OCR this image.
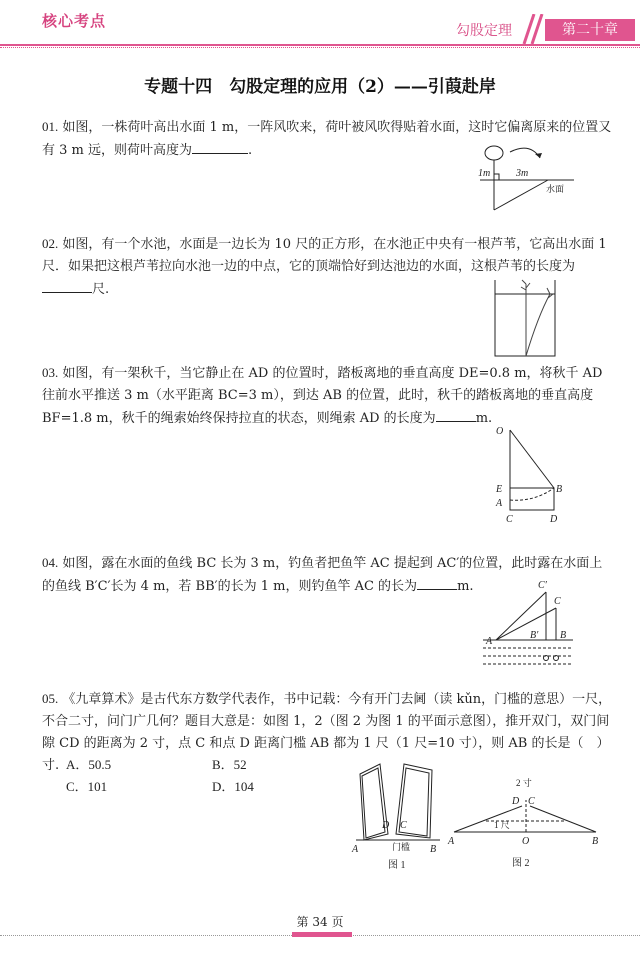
核心考点
勾股定理	第二十章
专题十四　勾股定理的应用（2）——引葭赴岸
01. 如图，一株荷叶高出水面 1 m，一阵风吹来，荷叶被风吹得贴着水面，这时它偏离原来的位置又有 3 m 远，则荷叶高度为	.
1m	3m
水面
02. 如图，有一个水池，水面是一边长为 10 尺的正方形，在水池正中央有一根芦苇，它高出水面 1 尺．如果把这根芦苇拉向水池一边的中点，它的顶端恰好到达池边的水面，这根芦苇的长度为尺.
03. 如图，有一架秋千，当它静止在 AD 的位置时，踏板离地的垂直高度 DE=0.8 m，将秋千 AD 往前水平推送 3 m（水平距离 BC=3 m），到达 AB 的位置，此时，秋千的踏板离地的垂直高度 BF=1.8 m，秋千的绳索始终保持拉直的状态，则绳索 AD 的长度为	m.
O
E	B
A
C	D
04. 如图，露在水面的鱼线 BC 长为 3 m，钓鱼者把鱼竿 AC 提起到 AC′的位置，此时露在水面上的鱼线 B′C′长为 4 m，若 BB′的长为 1 m，则钓鱼竿 AC 的长为	m.	C′
C
A
B′ B
05. 《九章算术》是古代东方数学代表作，书中记载：今有开门去阃（读 kǔn，门槛的意思）一尺，不合二寸，问门广几何？题目大意是：如图 1，2（图 2 为图 1 的平面示意图），推开双门，双门间隙 CD 的距离为 2 寸，点 C 和点 D 距离门槛 AB 都为 1 尺（1 尺=10 寸），则 AB 的长是（　）寸. A．50.5	B．52
C．101	D．104
D C
A	B
门槛
图 1
2 寸
D C
1 尺
A	O	B
图 2
第 34 页
